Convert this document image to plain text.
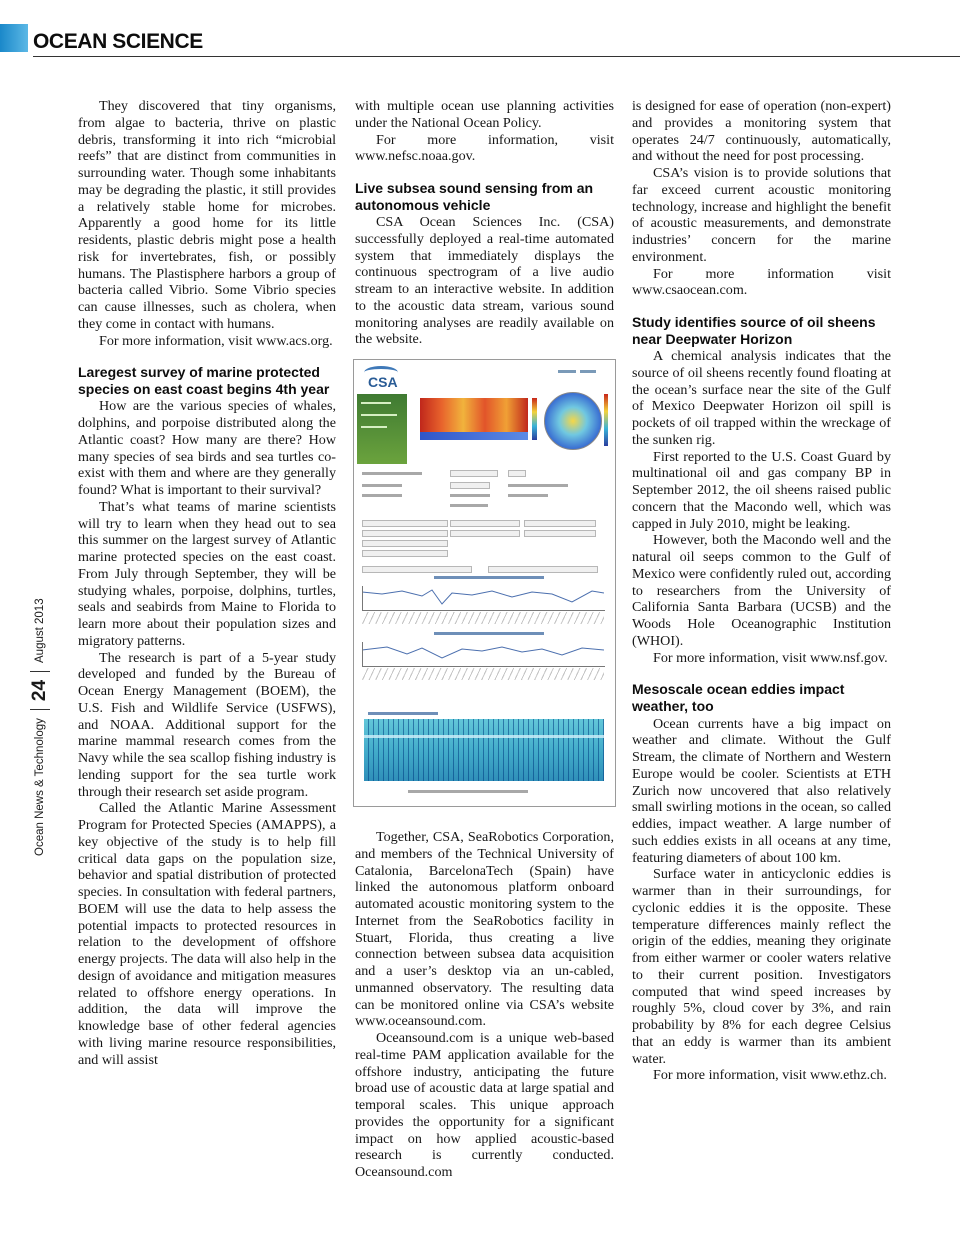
OCEAN SCIENCE
Ocean News & Technology
24
August 2013

They discovered that tiny organisms, from algae to bacteria, thrive on plastic debris, transforming it into rich “microbial reefs” that are distinct from communities in surrounding water. Though some inhabitants may be degrading the plastic, it still provides a relatively stable home for microbes. Apparently a good home for its little residents, plastic debris might pose a health risk for invertebrates, fish, or possibly humans. The Plastisphere harbors a group of bacteria called Vibrio. Some Vibrio species can cause illnesses, such as cholera, when they come in contact with humans.

For more information, visit www.acs.org.

Laregest survey of marine protected species on east coast begins 4th year

How are the various species of whales, dolphins, and porpoise distributed along the Atlantic coast? How many are there? How many species of sea birds and sea turtles co-exist with them and where are they generally found? What is important to their survival?

That’s what teams of marine scientists will try to learn when they head out to sea this summer on the largest survey of Atlantic marine protected species on the east coast. From July through September, they will be studying whales, porpoise, dolphins, turtles, seals and seabirds from Maine to Florida to learn more about their population sizes and migratory patterns.

The research is part of a 5-year study developed and funded by the Bureau of Ocean Energy Management (BOEM), the U.S. Fish and Wildlife Service (USFWS), and NOAA. Additional support for the marine mammal research comes from the Navy while the sea scallop fishing industry is lending support for the sea turtle work through their research set aside program.

Called the Atlantic Marine Assessment Program for Protected Species (AMAPPS), a key objective of the study is to help fill critical data gaps on the population size, behavior and spatial distribution of protected species. In consultation with federal partners, BOEM will use the data to help assess the potential impacts to protected resources in relation to the development of offshore energy projects. The data will also help in the design of avoidance and mitigation measures related to offshore energy operations. In addition, the data will improve the knowledge base of other federal agencies with living marine resource responsibilities, and will assist

with multiple ocean use planning activities under the National Ocean Policy.

For more information, visit www.nefsc.noaa.gov.

Live subsea sound sensing from an autonomous vehicle

CSA Ocean Sciences Inc. (CSA) successfully deployed a real-time automated system that immediately displays the continuous spectrogram of a live audio stream to an interactive website. In addition to the acoustic data stream, various sound monitoring analyses are readily available on the website.

CSA

Together, CSA, SeaRobotics Corporation, and members of the Technical University of Catalonia, BarcelonaTech (Spain) have linked the autonomous platform onboard automated acoustic monitoring system to the Internet from the SeaRobotics facility in Stuart, Florida, thus creating a live connection between subsea data acquisition and a user’s desktop via an un-cabled, unmanned observatory. The resulting data can be monitored online via CSA’s website www.oceansound.com.

Oceansound.com is a unique web-based real-time PAM application available for the offshore industry, anticipating the future broad use of acoustic data at large spatial and temporal scales. This unique approach provides the opportunity for a significant impact on how applied acoustic-based research is currently conducted. Oceansound.com

is designed for ease of operation (non-expert) and provides a monitoring system that operates 24/7 continuously, automatically, and without the need for post processing.

CSA’s vision is to provide solutions that far exceed current acoustic monitoring technology, increase and highlight the benefit of acoustic measurements, and demonstrate industries’ concern for the marine environment.

For more information visit www.csaocean.com.

Study identifies source of oil sheens near Deepwater Horizon

A chemical analysis indicates that the source of oil sheens recently found floating at the ocean’s surface near the site of the Gulf of Mexico Deepwater Horizon oil spill is pockets of oil trapped within the wreckage of the sunken rig.

First reported to the U.S. Coast Guard by multinational oil and gas company BP in September 2012, the oil sheens raised public concern that the Macondo well, which was capped in July 2010, might be leaking.

However, both the Macondo well and the natural oil seeps common to the Gulf of Mexico were confidently ruled out, according to researchers from the University of California Santa Barbara (UCSB) and the Woods Hole Oceanographic Institution (WHOI).

For more information, visit www.nsf.gov.

Mesoscale ocean eddies impact weather, too

Ocean currents have a big impact on weather and climate. Without the Gulf Stream, the climate of Northern and Western Europe would be cooler. Scientists at ETH Zurich now uncovered that also relatively small swirling motions in the ocean, so called eddies, impact weather. A large number of such eddies exists in all oceans at any time, featuring diameters of about 100 km.

Surface water in anticyclonic eddies is warmer than in their surroundings, for cyclonic eddies it is the opposite. These temperature differences mainly reflect the origin of the eddies, meaning they originate from either warmer or cooler waters relative to their current position. Investigators computed that wind speed increases by roughly 5%, cloud cover by 3%, and rain probability by 8% for each degree Celsius that an eddy is warmer than its ambient water.

For more information, visit www.ethz.ch.
